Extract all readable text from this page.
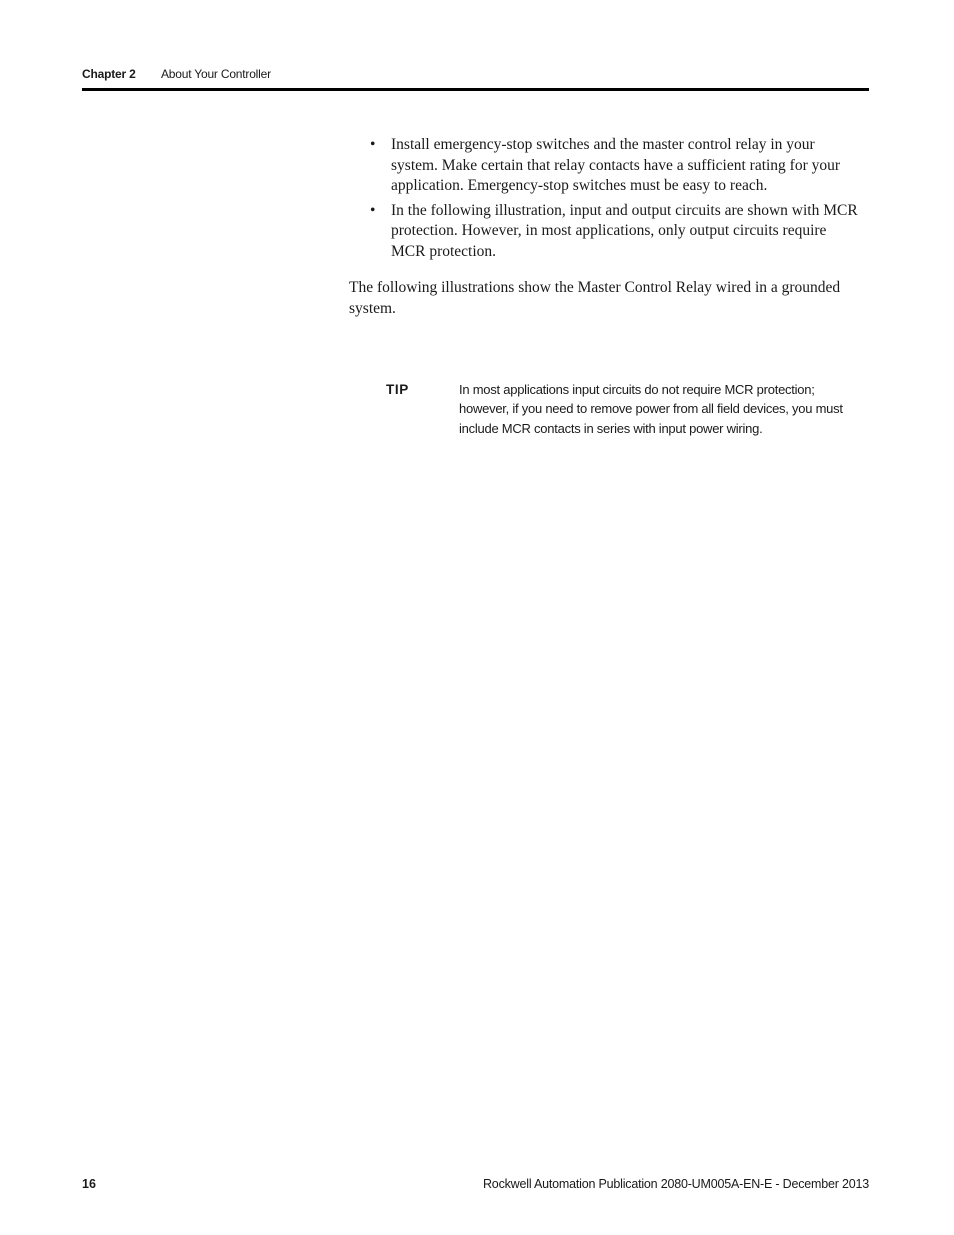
Chapter 2 About Your Controller
• Install emergency-stop switches and the master control relay in your system. Make certain that relay contacts have a sufficient rating for your application. Emergency-stop switches must be easy to reach.
• In the following illustration, input and output circuits are shown with MCR protection. However, in most applications, only output circuits require MCR protection.

The following illustrations show the Master Control Relay wired in a grounded system.

TIP	In most applications input circuits do not require MCR protection; however, if you need to remove power from all field devices, you must include MCR contacts in series with input power wiring.
16	Rockwell Automation Publication 2080-UM005A-EN-E - December 2013
